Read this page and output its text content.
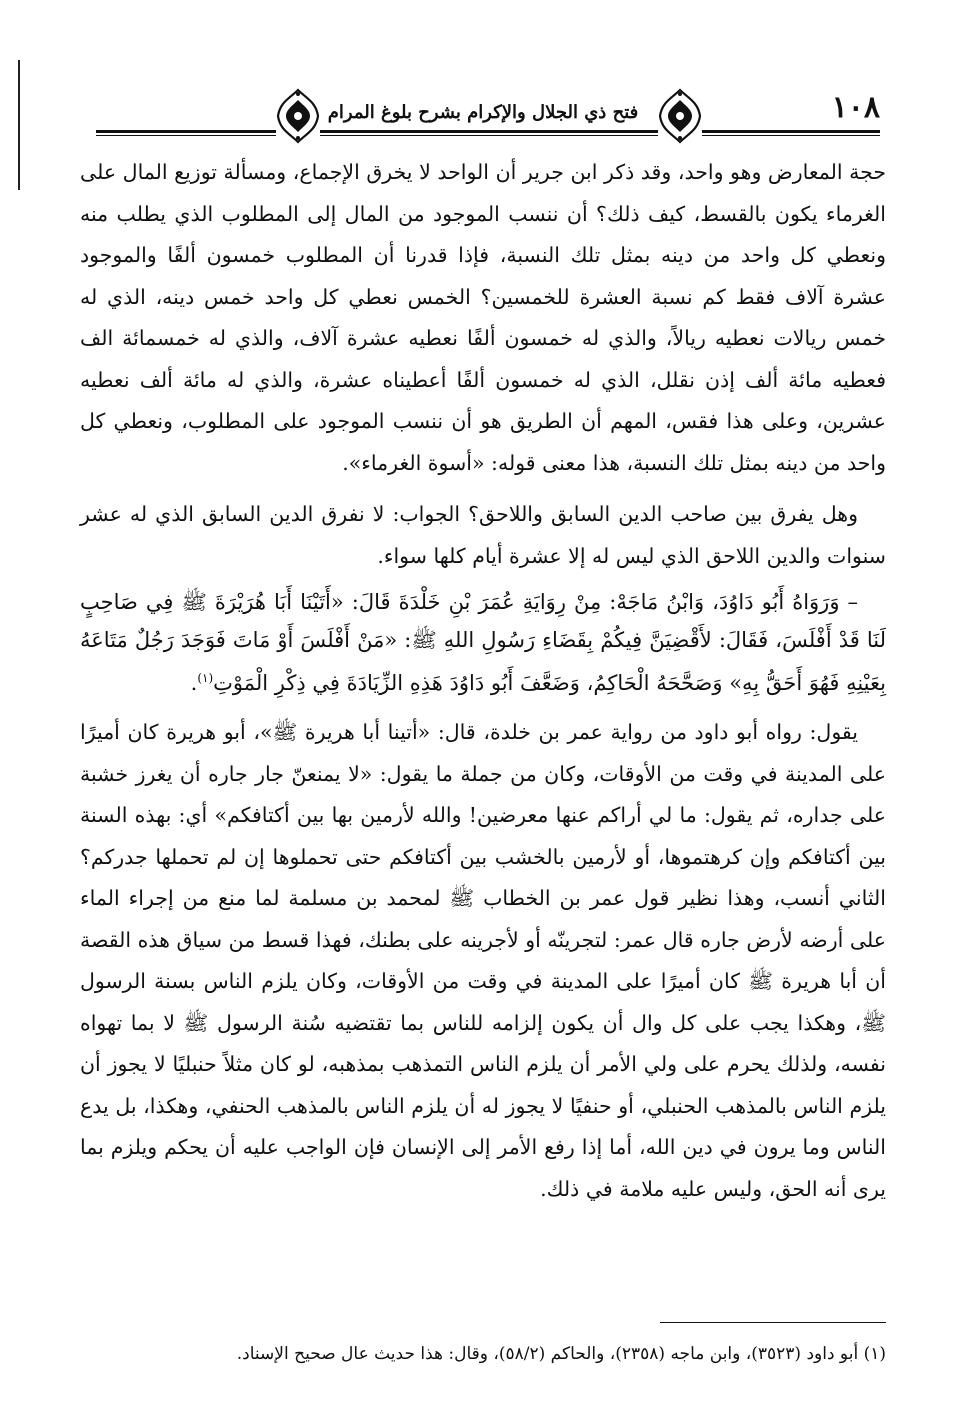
١٠٨
فتح ذي الجلال والإكرام بشرح بلوغ المرام

حجة المعارض وهو واحد، وقد ذكر ابن جرير أن الواحد لا يخرق الإجماع، ومسألة توزيع المال على الغرماء يكون بالقسط، كيف ذلك؟ أن ننسب الموجود من المال إلى المطلوب الذي يطلب منه ونعطي كل واحد من دينه بمثل تلك النسبة، فإذا قدرنا أن المطلوب خمسون ألفًا والموجود عشرة آلاف فقط كم نسبة العشرة للخمسين؟ الخمس نعطي كل واحد خمس دينه، الذي له خمس ريالات نعطيه ريالاً، والذي له خمسون ألفًا نعطيه عشرة آلاف، والذي له خمسمائة الف فعطيه مائة ألف إذن نقلل، الذي له خمسون ألفًا أعطيناه عشرة، والذي له مائة ألف نعطيه عشرين، وعلى هذا فقس، المهم أن الطريق هو أن ننسب الموجود على المطلوب، ونعطي كل واحد من دينه بمثل تلك النسبة، هذا معنى قوله: «أسوة الغرماء».

وهل يفرق بين صاحب الدين السابق واللاحق؟ الجواب: لا نفرق الدين السابق الذي له عشر سنوات والدين اللاحق الذي ليس له إلا عشرة أيام كلها سواء.

– وَرَوَاهُ أَبُو دَاوُدَ، وَابْنُ مَاجَهْ: مِنْ رِوَايَةِ عُمَرَ بْنِ خَلْدَةَ قَالَ: «أَتَيْنَا أَبَا هُرَيْرَةَ ﷺ فِي صَاحِبٍ لَنَا قَدْ أَفْلَسَ، فَقَالَ: لأَقْضِيَنَّ فِيكُمْ بِقَضَاءِ رَسُولِ اللهِ ﷺ: «مَنْ أَفْلَسَ أَوْ مَاتَ فَوَجَدَ رَجُلٌ مَتَاعَهُ بِعَيْنِهِ فَهُوَ أَحَقُّ بِهِ» وَصَحَّحَهُ الْحَاكِمُ، وَضَعَّفَ أَبُو دَاوُدَ هَذِهِ الزِّيَادَةَ فِي ذِكْرِ الْمَوْتِ$^{(١)}$.

يقول: رواه أبو داود من رواية عمر بن خلدة، قال: «أتينا أبا هريرة ﷺ»، أبو هريرة كان أميرًا على المدينة في وقت من الأوقات، وكان من جملة ما يقول: «لا يمنعنّ جار جاره أن يغرز خشبة على جداره، ثم يقول: ما لي أراكم عنها معرضين! والله لأرمين بها بين أكتافكم» أي: بهذه السنة بين أكتافكم وإن كرهتموها، أو لأرمين بالخشب بين أكتافكم حتى تحملوها إن لم تحملها جدركم؟ الثاني أنسب، وهذا نظير قول عمر بن الخطاب ﷺ لمحمد بن مسلمة لما منع من إجراء الماء على أرضه لأرض جاره قال عمر: لتجرينّه أو لأجرينه على بطنك، فهذا قسط من سياق هذه القصة أن أبا هريرة ﷺ كان أميرًا على المدينة في وقت من الأوقات، وكان يلزم الناس بسنة الرسول ﷺ، وهكذا يجب على كل وال أن يكون إلزامه للناس بما تقتضيه سُنة الرسول ﷺ لا بما تهواه نفسه، ولذلك يحرم على ولي الأمر أن يلزم الناس التمذهب بمذهبه، لو كان مثلاً حنبليًا لا يجوز أن يلزم الناس بالمذهب الحنبلي، أو حنفيًا لا يجوز له أن يلزم الناس بالمذهب الحنفي، وهكذا، بل يدع الناس وما يرون في دين الله، أما إذا رفع الأمر إلى الإنسان فإن الواجب عليه أن يحكم ويلزم بما يرى أنه الحق، وليس عليه ملامة في ذلك.

(١) أبو داود (٣٥٢٣)، وابن ماجه (٢٣٥٨)، والحاكم (٥٨/٢)، وقال: هذا حديث عال صحيح الإسناد.
